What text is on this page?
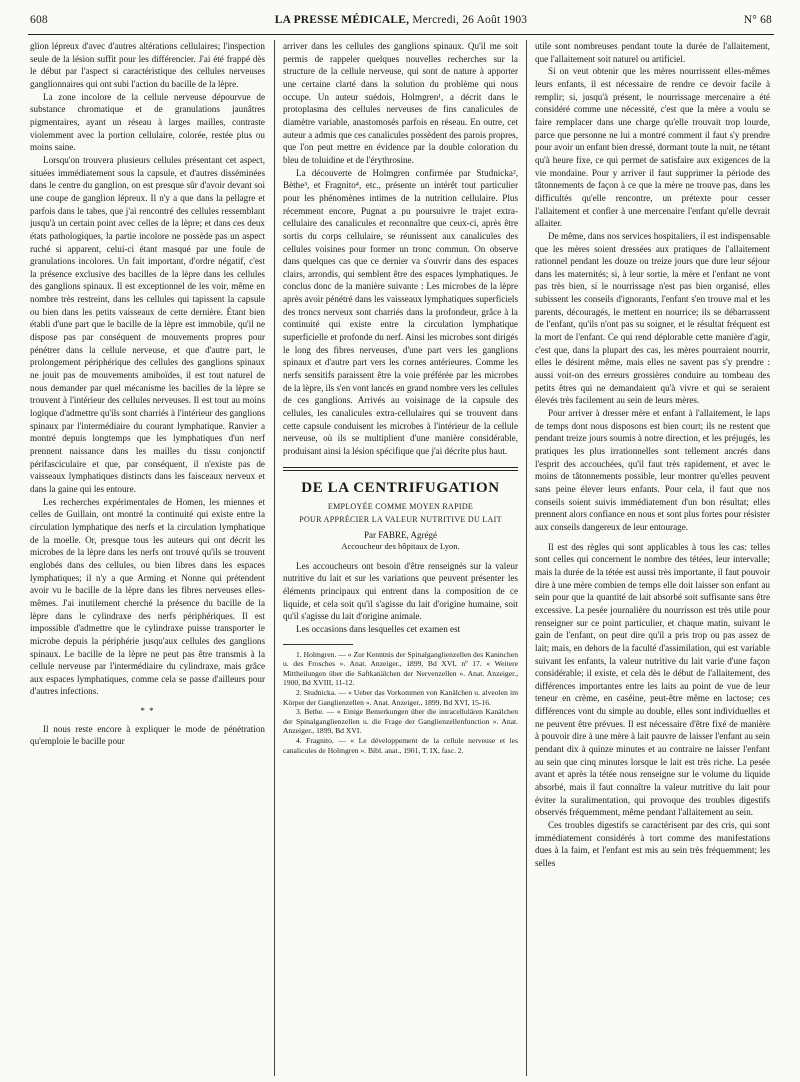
608	LA PRESSE MÉDICALE, Mercredi, 26 Août 1903	N° 68

glion lépreux d'avec d'autres altérations cellulaires; l'inspection seule de la lésion suffit pour les différencier. J'ai été frappé dès le début par l'aspect si caractéristique des cellules nerveuses ganglionnaires qui ont subi l'action du bacille de la lèpre.

La zone incolore de la cellule nerveuse dépourvue de substance chromatique et de granulations jaunâtres pigmentaires, ayant un réseau à larges mailles, contraste violemment avec la portion cellulaire, colorée, restée plus ou moins saine.

Lorsqu'on trouvera plusieurs cellules présentant cet aspect, situées immédiatement sous la capsule, et d'autres disséminées dans le centre du ganglion, on est presque sûr d'avoir devant soi une coupe de ganglion lépreux. Il n'y a que dans la pellagre et parfois dans le tabes, que j'ai rencontré des cellules ressemblant jusqu'à un certain point avec celles de la lèpre; et dans ces deux états pathologiques, la partie incolore ne possède pas un aspect ruché si apparent, celui-ci étant masqué par une foule de granulations incolores. Un fait important, d'ordre négatif, c'est la présence exclusive des bacilles de la lèpre dans les cellules des ganglions spinaux. Il est exceptionnel de les voir, même en nombre très restreint, dans les cellules qui tapissent la capsule ou bien dans les petits vaisseaux de cette dernière. Étant bien établi d'une part que le bacille de la lèpre est immobile, qu'il ne dispose pas par conséquent de mouvements propres pour pénétrer dans la cellule nerveuse, et que d'autre part, le prolongement périphérique des cellules des ganglions spinaux ne jouit pas de mouvements amiboïdes, il est tout naturel de nous demander par quel mécanisme les bacilles de la lèpre se trouvent à l'intérieur des cellules nerveuses. Il est tout au moins logique d'admettre qu'ils sont charriés à l'intérieur des ganglions spinaux par l'intermédiaire du courant lymphatique. Ranvier a montré depuis longtemps que les lymphatiques d'un nerf prennent naissance dans les mailles du tissu conjonctif périfasciculaire et que, par conséquent, il n'existe pas de vaisseaux lymphatiques distincts dans les faisceaux nerveux et dans la gaine qui les entoure.

Les recherches expérimentales de Homen, les miennes et celles de Guillain, ont montré la continuité qui existe entre la circulation lymphatique des nerfs et la circulation lymphatique de la moelle. Or, presque tous les auteurs qui ont décrit les microbes de la lèpre dans les nerfs ont trouvé qu'ils se trouvent englobés dans des cellules, ou bien libres dans les espaces lymphatiques; il n'y a que Arming et Nonne qui prétendent avoir vu le bacille de la lèpre dans les fibres nerveuses elles-mêmes. J'ai inutilement cherché la présence du bacille de la lèpre dans le cylindraxe des nerfs périphériques. Il est impossible d'admettre que le cylindraxe puisse transporter le microbe depuis la périphérie jusqu'aux cellules des ganglions spinaux. Le bacille de la lèpre ne peut pas être transmis à la cellule nerveuse par l'intermédiaire du cylindraxe, mais grâce aux espaces lymphatiques, comme cela se passe d'ailleurs pour d'autres infections.

* *

Il nous reste encore à expliquer le mode de pénétration qu'emploie le bacille pour

arriver dans les cellules des ganglions spinaux. Qu'il me soit permis de rappeler quelques nouvelles recherches sur la structure de la cellule nerveuse, qui sont de nature à apporter une certaine clarté dans la solution du problème qui nous occupe. Un auteur suédois, Holmgren¹, a décrit dans le protoplasma des cellules nerveuses de fins canalicules de diamètre variable, anastomosés parfois en réseau. En outre, cet auteur a admis que ces canalicules possèdent des parois propres, que l'on peut mettre en évidence par la double coloration du bleu de toluidine et de l'érythrosine.

La découverte de Holmgren confirmée par Studnicka², Bèthe³, et Fragnito⁴, etc., présente un intérêt tout particulier pour les phénomènes intimes de la nutrition cellulaire. Plus récemment encore, Pugnat a pu poursuivre le trajet extra-cellulaire des canalicules et reconnaître que ceux-ci, après être sortis du corps cellulaire, se réunissent aux canalicules des cellules voisines pour former un tronc commun. On observe dans quelques cas que ce dernier va s'ouvrir dans des espaces clairs, arrondis, qui semblent être des espaces lymphatiques. Je conclus donc de la manière suivante : Les microbes de la lèpre après avoir pénétré dans les vaisseaux lymphatiques superficiels des troncs nerveux sont charriés dans la profondeur, grâce à la continuité qui existe entre la circulation lymphatique superficielle et profonde du nerf. Ainsi les microbes sont dirigés le long des fibres nerveuses, d'une part vers les ganglions spinaux et d'autre part vers les cornes antérieures. Comme les nerfs sensitifs paraissent être la voie préférée par les microbes de la lèpre, ils s'en vont lancés en grand nombre vers les cellules de ces ganglions. Arrivés au voisinage de la capsule des cellules, les canalicules extra-cellulaires qui se trouvent dans cette capsule conduisent les microbes à l'intérieur de la cellule nerveuse, où ils se multiplient d'une manière considérable, produisant ainsi la lésion spécifique que j'ai décrite plus haut.

DE LA CENTRIFUGATION
EMPLOYÉE COMME MOYEN RAPIDE
POUR APPRÉCIER LA VALEUR NUTRITIVE DU LAIT
Par FABRE, Agrégé
Accoucheur des hôpitaux de Lyon.

Les accoucheurs ont besoin d'être renseignés sur la valeur nutritive du lait et sur les variations que peuvent présenter les éléments principaux qui entrent dans la composition de ce liquide, et cela soit qu'il s'agisse du lait d'origine humaine, soit qu'il s'agisse du lait d'origine animale.

Les occasions dans lesquelles cet examen est

1. Holmgren. — « Zur Kenntnis der Spinalganglienzellen des Kaninchen u. des Frosches ». Anat. Anzeiger., 1899, Bd XVI, nº 17. « Weitere Mittheilungen über die Saftkanälchen der Nervenzellen ». Anat. Anzeiger., 1900, Bd XVIII, 11-12.

2. Studnicka. — « Ueber das Vorkommen von Kanälchen u. alveolen im Körper der Ganglienzellen ». Anat. Anzeiger., 1899, Bd XVI, 15-16.

3. Bethe. — « Einige Bemerkungen über die intracellulären Kanälchen der Spinalganglienzellen u. die Frage der Ganglienzellenfunction ». Anat. Anzeiger., 1899, Bd XVI.

4. Fragnito. — « Le développement de la cellule nerveuse et les canalicules de Holmgren ». Bibl. anat., 1901, T. IX, fasc. 2.

utile sont nombreuses pendant toute la durée de l'allaitement, que l'allaitement soit naturel ou artificiel.

Si on veut obtenir que les mères nourrissent elles-mêmes leurs enfants, il est nécessaire de rendre ce devoir facile à remplir; si, jusqu'à présent, le nourrissage mercenaire a été considéré comme une nécessité, c'est que la mère a voulu se faire remplacer dans une charge qu'elle trouvait trop lourde, parce que personne ne lui a montré comment il faut s'y prendre pour avoir un enfant bien dressé, dormant toute la nuit, ne tétant qu'à heure fixe, ce qui permet de satisfaire aux exigences de la vie mondaine. Pour y arriver il faut supprimer la période des tâtonnements de façon à ce que la mère ne trouve pas, dans les difficultés qu'elle rencontre, un prétexte pour cesser l'allaitement et confier à une mercenaire l'enfant qu'elle devrait allaiter.

De même, dans nos services hospitaliers, il est indispensable que les mères soient dressées aux pratiques de l'allaitement rationnel pendant les douze ou treize jours que dure leur séjour dans les maternités; si, à leur sortie, la mère et l'enfant ne vont pas très bien, si le nourrissage n'est pas bien organisé, elles subissent les conseils d'ignorants, l'enfant s'en trouve mal et les parents, découragés, le mettent en nourrice; ils se débarrassent de l'enfant, qu'ils n'ont pas su soigner, et le résultat fréquent est la mort de l'enfant. Ce qui rend déplorable cette manière d'agir, c'est que, dans la plupart des cas, les mères pourraient nourrir, elles le désirent même, mais elles ne savent pas s'y prendre : aussi voit-on des erreurs grossières conduire au tombeau des petits êtres qui ne demandaient qu'à vivre et qui se seraient élevés très facilement au sein de leurs mères.

Pour arriver à dresser mère et enfant à l'allaitement, le laps de temps dont nous disposons est bien court; ils ne restent que pendant treize jours soumis à notre direction, et les préjugés, les pratiques les plus irrationnelles sont tellement ancrés dans l'esprit des accouchées, qu'il faut très rapidement, et avec le moins de tâtonnements possible, leur montrer qu'elles peuvent sans peine élever leurs enfants. Pour cela, il faut que nos conseils soient suivis immédiatement d'un bon résultat; elles prennent alors confiance en nous et sont plus fortes pour résister aux conseils dangereux de leur entourage.

Il est des règles qui sont applicables à tous les cas: telles sont celles qui concernent le nombre des tétées, leur intervalle; mais la durée de la tétée est aussi très importante, il faut pouvoir dire à une mère combien de temps elle doit laisser son enfant au sein pour que la quantité de lait absorbé soit suffisante sans être excessive. La pesée journalière du nourrisson est très utile pour renseigner sur ce point particulier, et chaque matin, suivant le gain de l'enfant, on peut dire qu'il a pris trop ou pas assez de lait; mais, en dehors de la faculté d'assimilation, qui est variable suivant les enfants, la valeur nutritive du lait varie d'une façon considérable; il existe, et cela dès le début de l'allaitement, des différences importantes entre les laits au point de vue de leur teneur en crème, en caséine, peut-être même en lactose; ces différences vont du simple au double, elles sont individuelles et ne peuvent être prévues. Il est nécessaire d'être fixé de manière à pouvoir dire à une mère à lait pauvre de laisser l'enfant au sein pendant dix à quinze minutes et au contraire ne laisser l'enfant au sein que cinq minutes lorsque le lait est très riche. La pesée avant et après la tétée nous renseigne sur le volume du liquide absorbé, mais il faut connaître la valeur nutritive du lait pour éviter la suralimentation, qui provoque des troubles digestifs observés fréquemment, même pendant l'allaitement au sein.

Ces troubles digestifs se caractérisent par des cris, qui sont immédiatement considérés à tort comme des manifestations dues à la faim, et l'enfant est mis au sein très fréquemment; les selles
